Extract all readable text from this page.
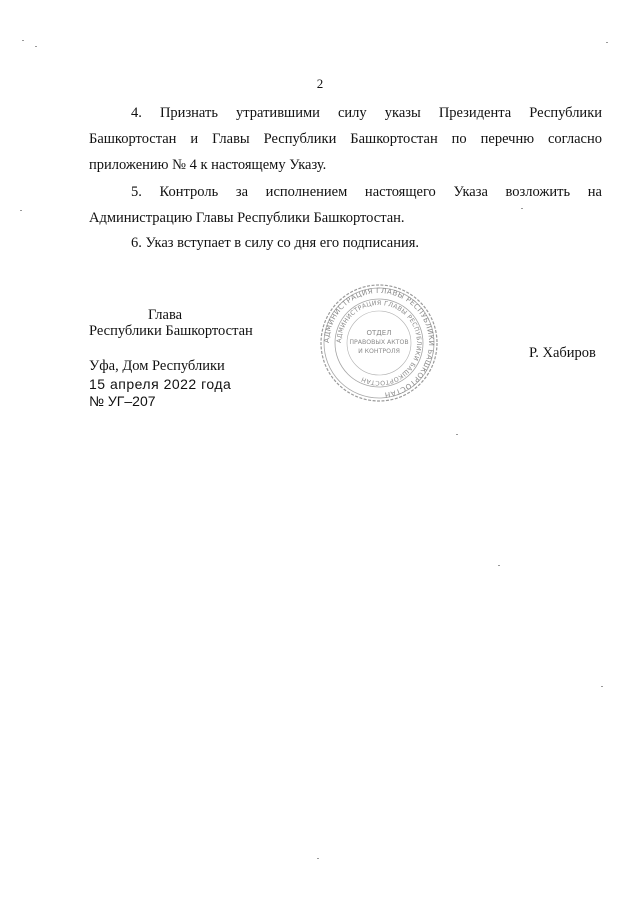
2
4. Признать утратившими силу указы Президента Республики Башкортостан и Главы Республики Башкортостан по перечню согласно приложению № 4 к настоящему Указу.
5. Контроль за исполнением настоящего Указа возложить на Администрацию Главы Республики Башкортостан.
6. Указ вступает в силу со дня его подписания.
Глава
Республики Башкортостан
АДМИНИСТРАЦИЯ ГЛАВЫ РЕСПУБЛИКИ БАШКОРТОСТАН
АДМИНИСТРАЦИЯ ГЛАВЫ РЕСПУБЛИКИ БАШКОРТОСТАН
ОТДЕЛ
ПРАВОВЫХ АКТОВ
И КОНТРОЛЯ	Р. Хабиров
Уфа, Дом Республики
15 апреля 2022 года
№ УГ–207
